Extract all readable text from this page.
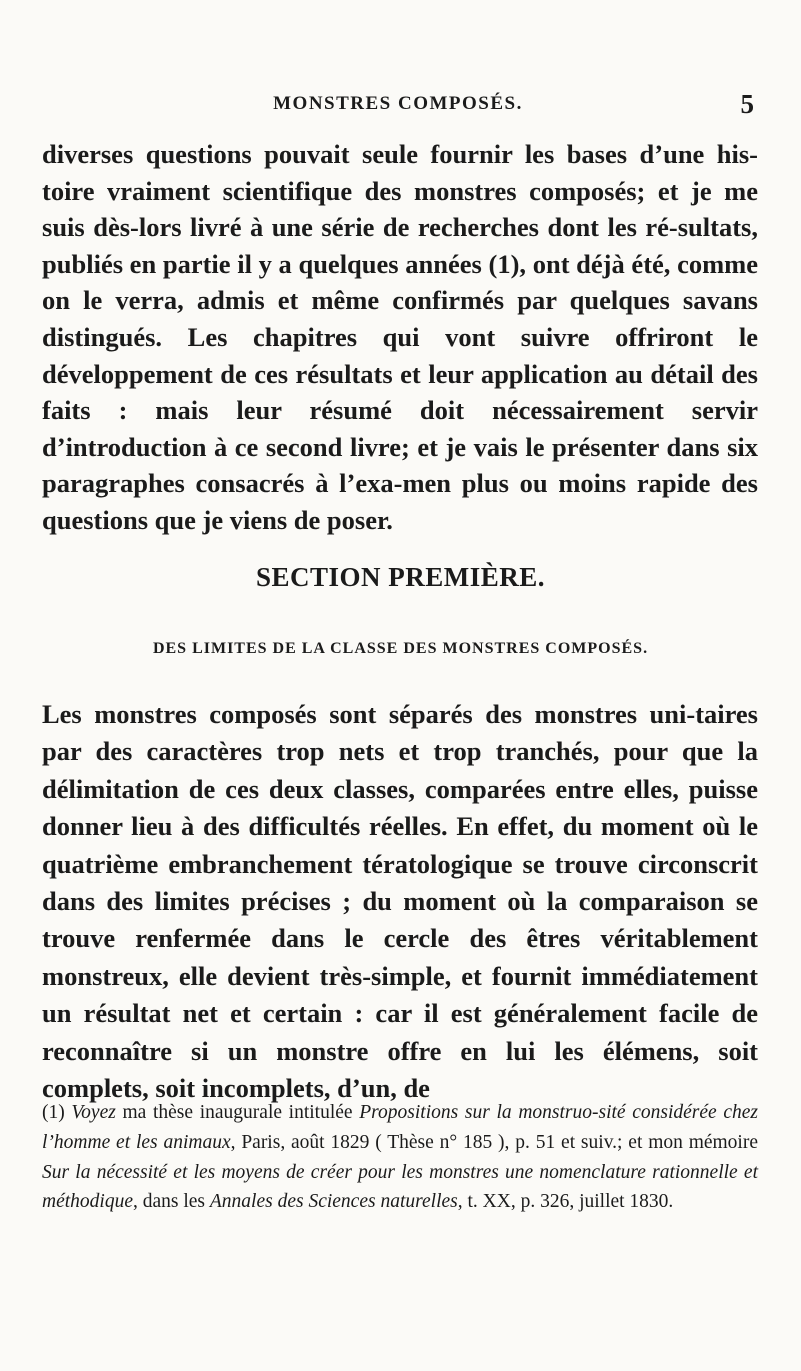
MONSTRES COMPOSÉS.	5

diverses questions pouvait seule fournir les bases d’une his-toire vraiment scientifique des monstres composés; et je me suis dès-lors livré à une série de recherches dont les ré-sultats, publiés en partie il y a quelques années (1), ont déjà été, comme on le verra, admis et même confirmés par quelques savans distingués. Les chapitres qui vont suivre offriront le développement de ces résultats et leur application au détail des faits : mais leur résumé doit nécessairement servir d’introduction à ce second livre; et je vais le présenter dans six paragraphes consacrés à l’exa-men plus ou moins rapide des questions que je viens de poser.

SECTION PREMIÈRE.
DES LIMITES DE LA CLASSE DES MONSTRES COMPOSÉS.

Les monstres composés sont séparés des monstres uni-taires par des caractères trop nets et trop tranchés, pour que la délimitation de ces deux classes, comparées entre elles, puisse donner lieu à des difficultés réelles. En effet, du moment où le quatrième embranchement tératologique se trouve circonscrit dans des limites précises ; du moment où la comparaison se trouve renfermée dans le cercle des êtres véritablement monstreux, elle devient très-simple, et fournit immédiatement un résultat net et certain : car il est généralement facile de reconnaître si un monstre offre en lui les élémens, soit complets, soit incomplets, d’un, de

(1) Voyez ma thèse inaugurale intitulée Propositions sur la monstruo-sité considérée chez l’homme et les animaux, Paris, août 1829 ( Thèse n° 185 ), p. 51 et suiv.; et mon mémoire Sur la nécessité et les moyens de créer pour les monstres une nomenclature rationnelle et méthodique, dans les Annales des Sciences naturelles, t. XX, p. 326, juillet 1830.
